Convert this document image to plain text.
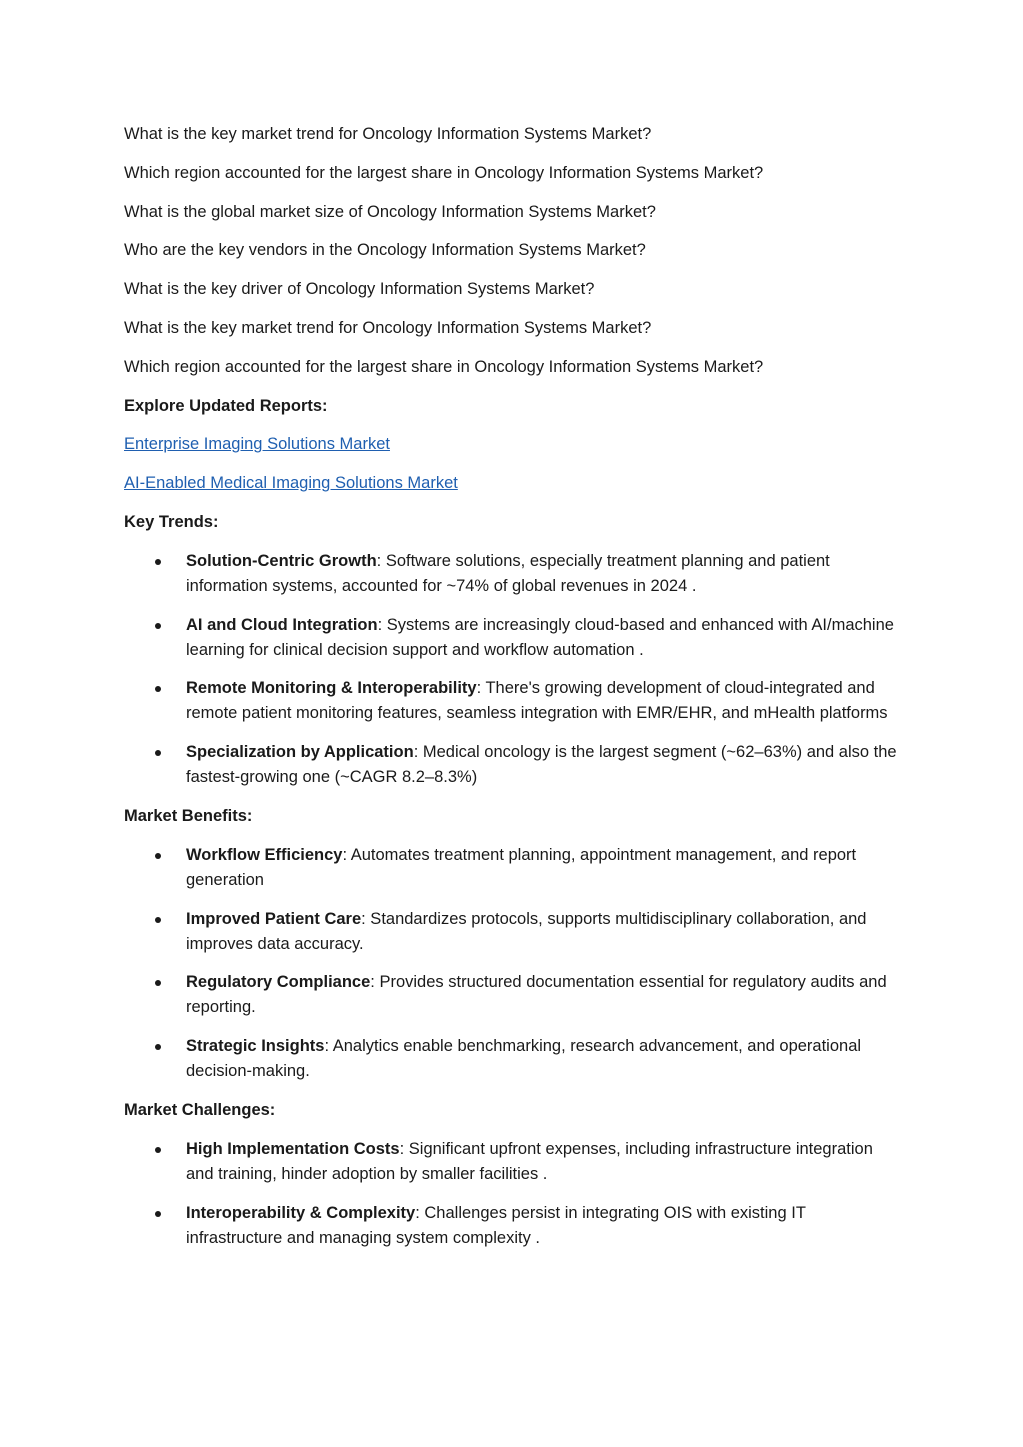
What is the key market trend for Oncology Information Systems Market?

Which region accounted for the largest share in Oncology Information Systems Market?

What is the global market size of Oncology Information Systems Market?

Who are the key vendors in the Oncology Information Systems Market?

What is the key driver of Oncology Information Systems Market?

What is the key market trend for Oncology Information Systems Market?

Which region accounted for the largest share in Oncology Information Systems Market?

Explore Updated Reports:

Enterprise Imaging Solutions Market

AI-Enabled Medical Imaging Solutions Market

Key Trends:

Solution-Centric Growth: Software solutions, especially treatment planning and patient information systems, accounted for ~74% of global revenues in 2024 .
AI and Cloud Integration: Systems are increasingly cloud-based and enhanced with AI/machine learning for clinical decision support and workflow automation .
Remote Monitoring & Interoperability: There's growing development of cloud-integrated and remote patient monitoring features, seamless integration with EMR/EHR, and mHealth platforms
Specialization by Application: Medical oncology is the largest segment (~62–63%) and also the fastest-growing one (~CAGR 8.2–8.3%)

Market Benefits:

Workflow Efficiency: Automates treatment planning, appointment management, and report generation
Improved Patient Care: Standardizes protocols, supports multidisciplinary collaboration, and improves data accuracy.
Regulatory Compliance: Provides structured documentation essential for regulatory audits and reporting.
Strategic Insights: Analytics enable benchmarking, research advancement, and operational decision-making.

Market Challenges:

High Implementation Costs: Significant upfront expenses, including infrastructure integration and training, hinder adoption by smaller facilities .
Interoperability & Complexity: Challenges persist in integrating OIS with existing IT infrastructure and managing system complexity .
